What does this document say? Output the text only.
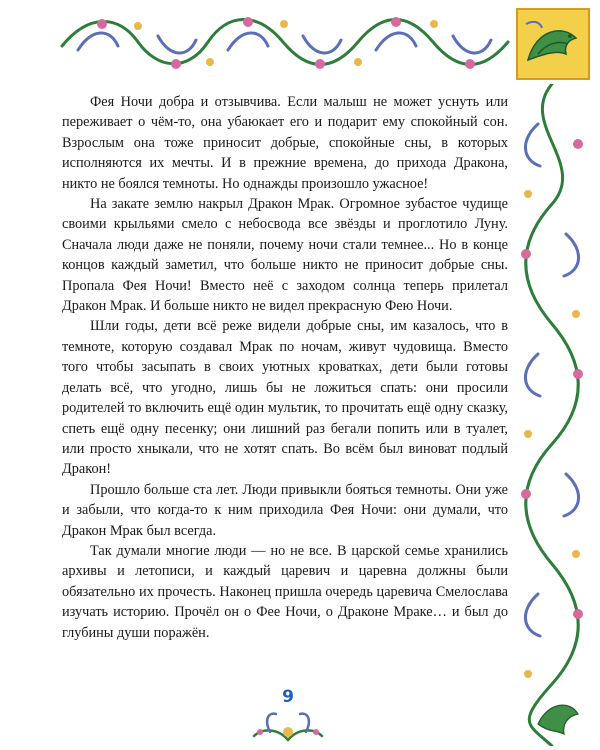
Фея Ночи добра и отзывчива. Если малыш не может уснуть или переживает о чём-то, она убаюкает его и подарит ему спокойный сон. Взрослым она тоже приносит добрые, спокойные сны, в которых исполняются их мечты. И в прежние времена, до прихода Дракона, никто не боялся темноты. Но однажды произошло ужасное!

На закате землю накрыл Дракон Мрак. Огромное зубастое чудище своими крыльями смело с небосвода все звёзды и проглотило Луну. Сначала люди даже не поняли, почему ночи стали темнее... Но в конце концов каждый заметил, что больше никто не приносит добрые сны. Пропала Фея Ночи! Вместо неё с заходом солнца теперь прилетал Дракон Мрак. И больше никто не видел прекрасную Фею Ночи.

Шли годы, дети всё реже видели добрые сны, им казалось, что в темноте, которую создавал Мрак по ночам, живут чудовища. Вместо того чтобы засыпать в своих уютных кроватках, дети были готовы делать всё, что угодно, лишь бы не ложиться спать: они просили родителей то включить ещё один мультик, то прочитать ещё одну сказку, спеть ещё одну песенку; они лишний раз бегали попить или в туалет, или просто хныкали, что не хотят спать. Во всём был виноват подлый Дракон!

Прошло больше ста лет. Люди привыкли бояться темноты. Они уже и забыли, что когда-то к ним приходила Фея Ночи: они думали, что Дракон Мрак был всегда.

Так думали многие люди — но не все. В царской семье хранились архивы и летописи, и каждый царевич и царевна должны были обязательно их прочесть. Наконец пришла очередь царевича Смелослава изучать историю. Прочёл он о Фее Ночи, о Драконе Мраке… и был до глубины души поражён.

9
